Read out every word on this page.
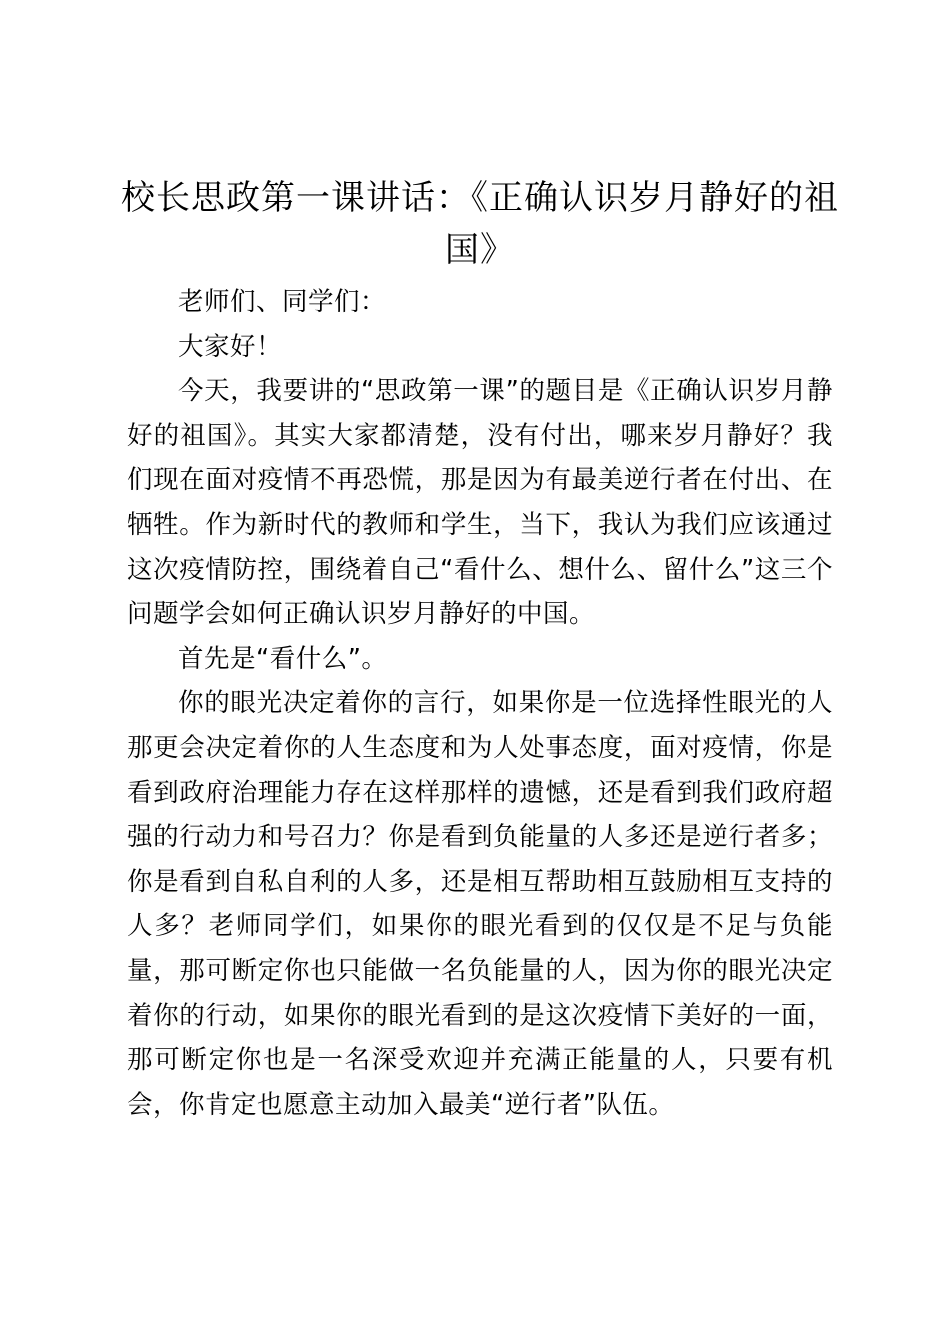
校长思政第一课讲话：《正确认识岁月静好的祖国》

老师们、同学们：

大家好！

今天，我要讲的“思政第一课”的题目是《正确认识岁月静好的祖国》。其实大家都清楚，没有付出，哪来岁月静好？我们现在面对疫情不再恐慌，那是因为有最美逆行者在付出、在牺牲。作为新时代的教师和学生，当下，我认为我们应该通过这次疫情防控，围绕着自己“看什么、想什么、留什么”这三个问题学会如何正确认识岁月静好的中国。

首先是“看什么”。

你的眼光决定着你的言行，如果你是一位选择性眼光的人那更会决定着你的人生态度和为人处事态度，面对疫情，你是看到政府治理能力存在这样那样的遗憾，还是看到我们政府超强的行动力和号召力？你是看到负能量的人多还是逆行者多；你是看到自私自利的人多，还是相互帮助相互鼓励相互支持的人多？老师同学们，如果你的眼光看到的仅仅是不足与负能量，那可断定你也只能做一名负能量的人，因为你的眼光决定着你的行动，如果你的眼光看到的是这次疫情下美好的一面，那可断定你也是一名深受欢迎并充满正能量的人，只要有机会，你肯定也愿意主动加入最美“逆行者”队伍。
